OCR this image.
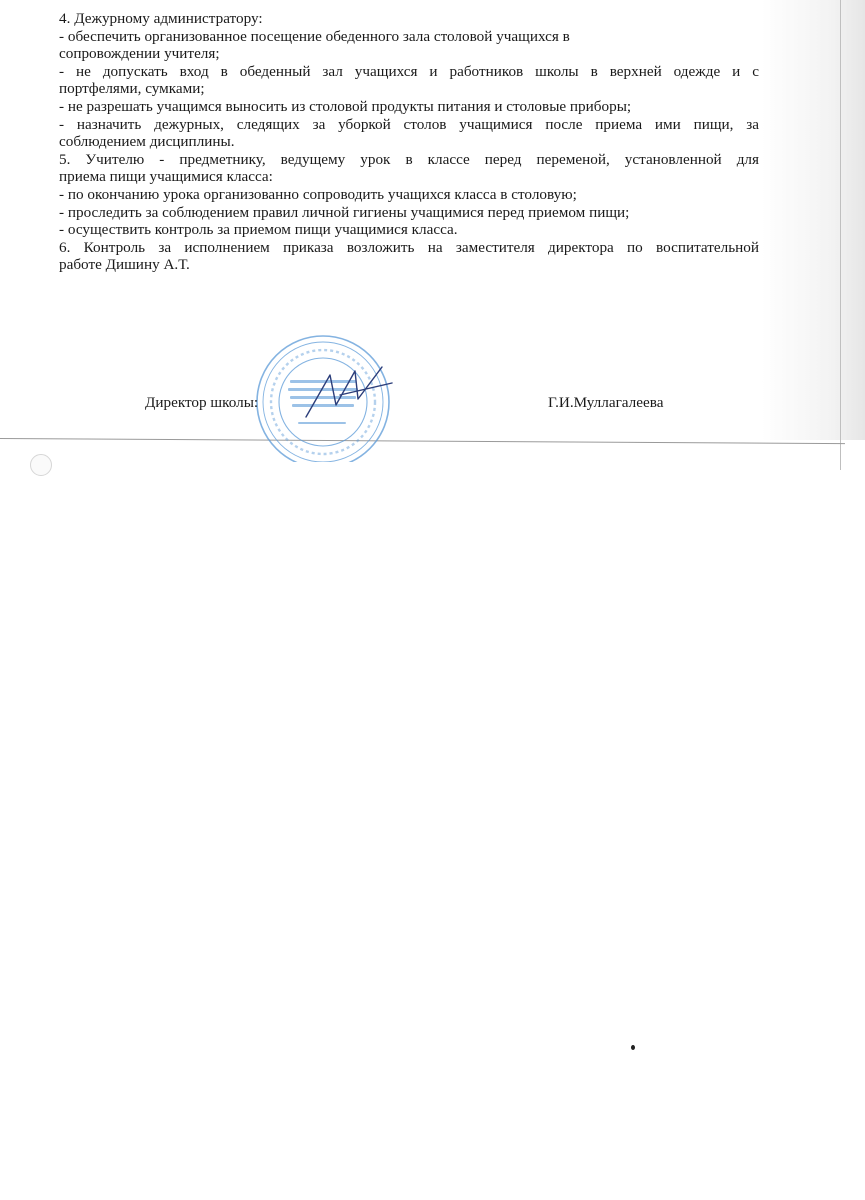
4. Дежурному администратору:

- обеспечить организованное посещение обеденного зала столовой учащихся в

сопровождении учителя;

- не допускать вход в обеденный зал учащихся и работников школы в верхней одежде и с

портфелями, сумками;

- не разрешать учащимся выносить из столовой продукты питания и столовые приборы;

- назначить дежурных, следящих за уборкой столов учащимися после приема ими пищи, за

соблюдением дисциплины.

5. Учителю - предметнику, ведущему урок в классе перед переменой, установленной для

приема пищи учащимися класса:

- по окончанию урока организованно сопроводить учащихся класса в столовую;

- проследить за соблюдением правил личной гигиены учащимися перед приемом пищи;

- осуществить контроль за приемом пищи учащимися класса.

6. Контроль за исполнением приказа возложить на заместителя директора по воспитательной

работе Дишину А.Т.

Директор школы:	Г.И.Муллагалеева
